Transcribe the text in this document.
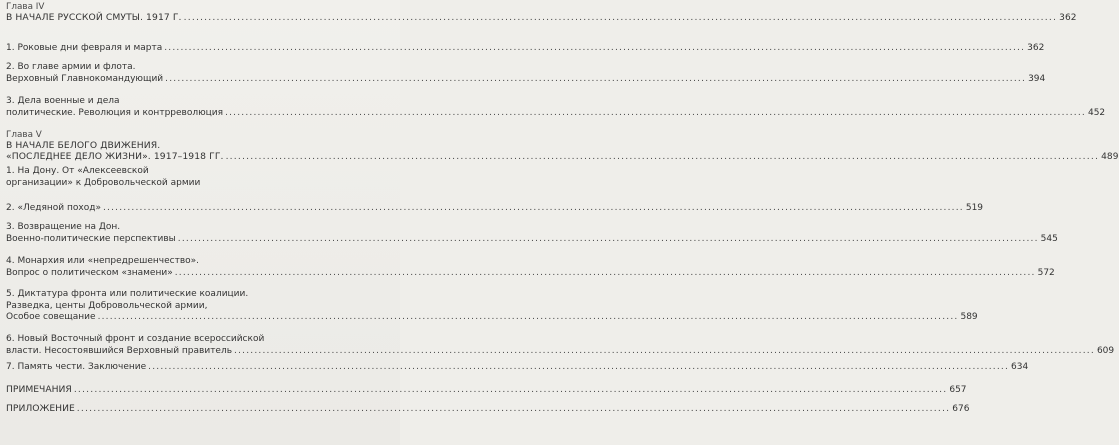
Глава IV
В НАЧАЛЕ РУССКОЙ СМУТЫ. 1917 Г. .................................................................................................................................................................................................................... 362
1. Роковые дни февраля и марта .................................................................................................................................................................................................................... 362
2. Во главе армии и флота.
Верховный Главнокомандующий .................................................................................................................................................................................................................... 394
3. Дела военные и дела
политические. Революция и контрреволюция .................................................................................................................................................................................................................... 452
Глава V
В НАЧАЛЕ БЕЛОГО ДВИЖЕНИЯ.
«ПОСЛЕДНЕЕ ДЕЛО ЖИЗНИ». 1917–1918 ГГ. .................................................................................................................................................................................................................... 489
1. На Дону. От «Алексеевской
организации» к Добровольческой армии
2. «Ледяной поход» .................................................................................................................................................................................................................... 519
3. Возвращение на Дон.
Военно-политические перспективы .................................................................................................................................................................................................................... 545
4. Монархия или «непредрешенчество».
Вопрос о политическом «знамени» .................................................................................................................................................................................................................... 572
5. Диктатура фронта или политические коалиции.
Разведка, центы Добровольческой армии,
Особое совещание .................................................................................................................................................................................................................... 589
6. Новый Восточный фронт и создание всероссийской
власти. Несостоявшийся Верховный правитель .................................................................................................................................................................................................................... 609
7. Память чести. Заключение .................................................................................................................................................................................................................... 634
ПРИМЕЧАНИЯ .................................................................................................................................................................................................................... 657
ПРИЛОЖЕНИЕ .................................................................................................................................................................................................................... 676
